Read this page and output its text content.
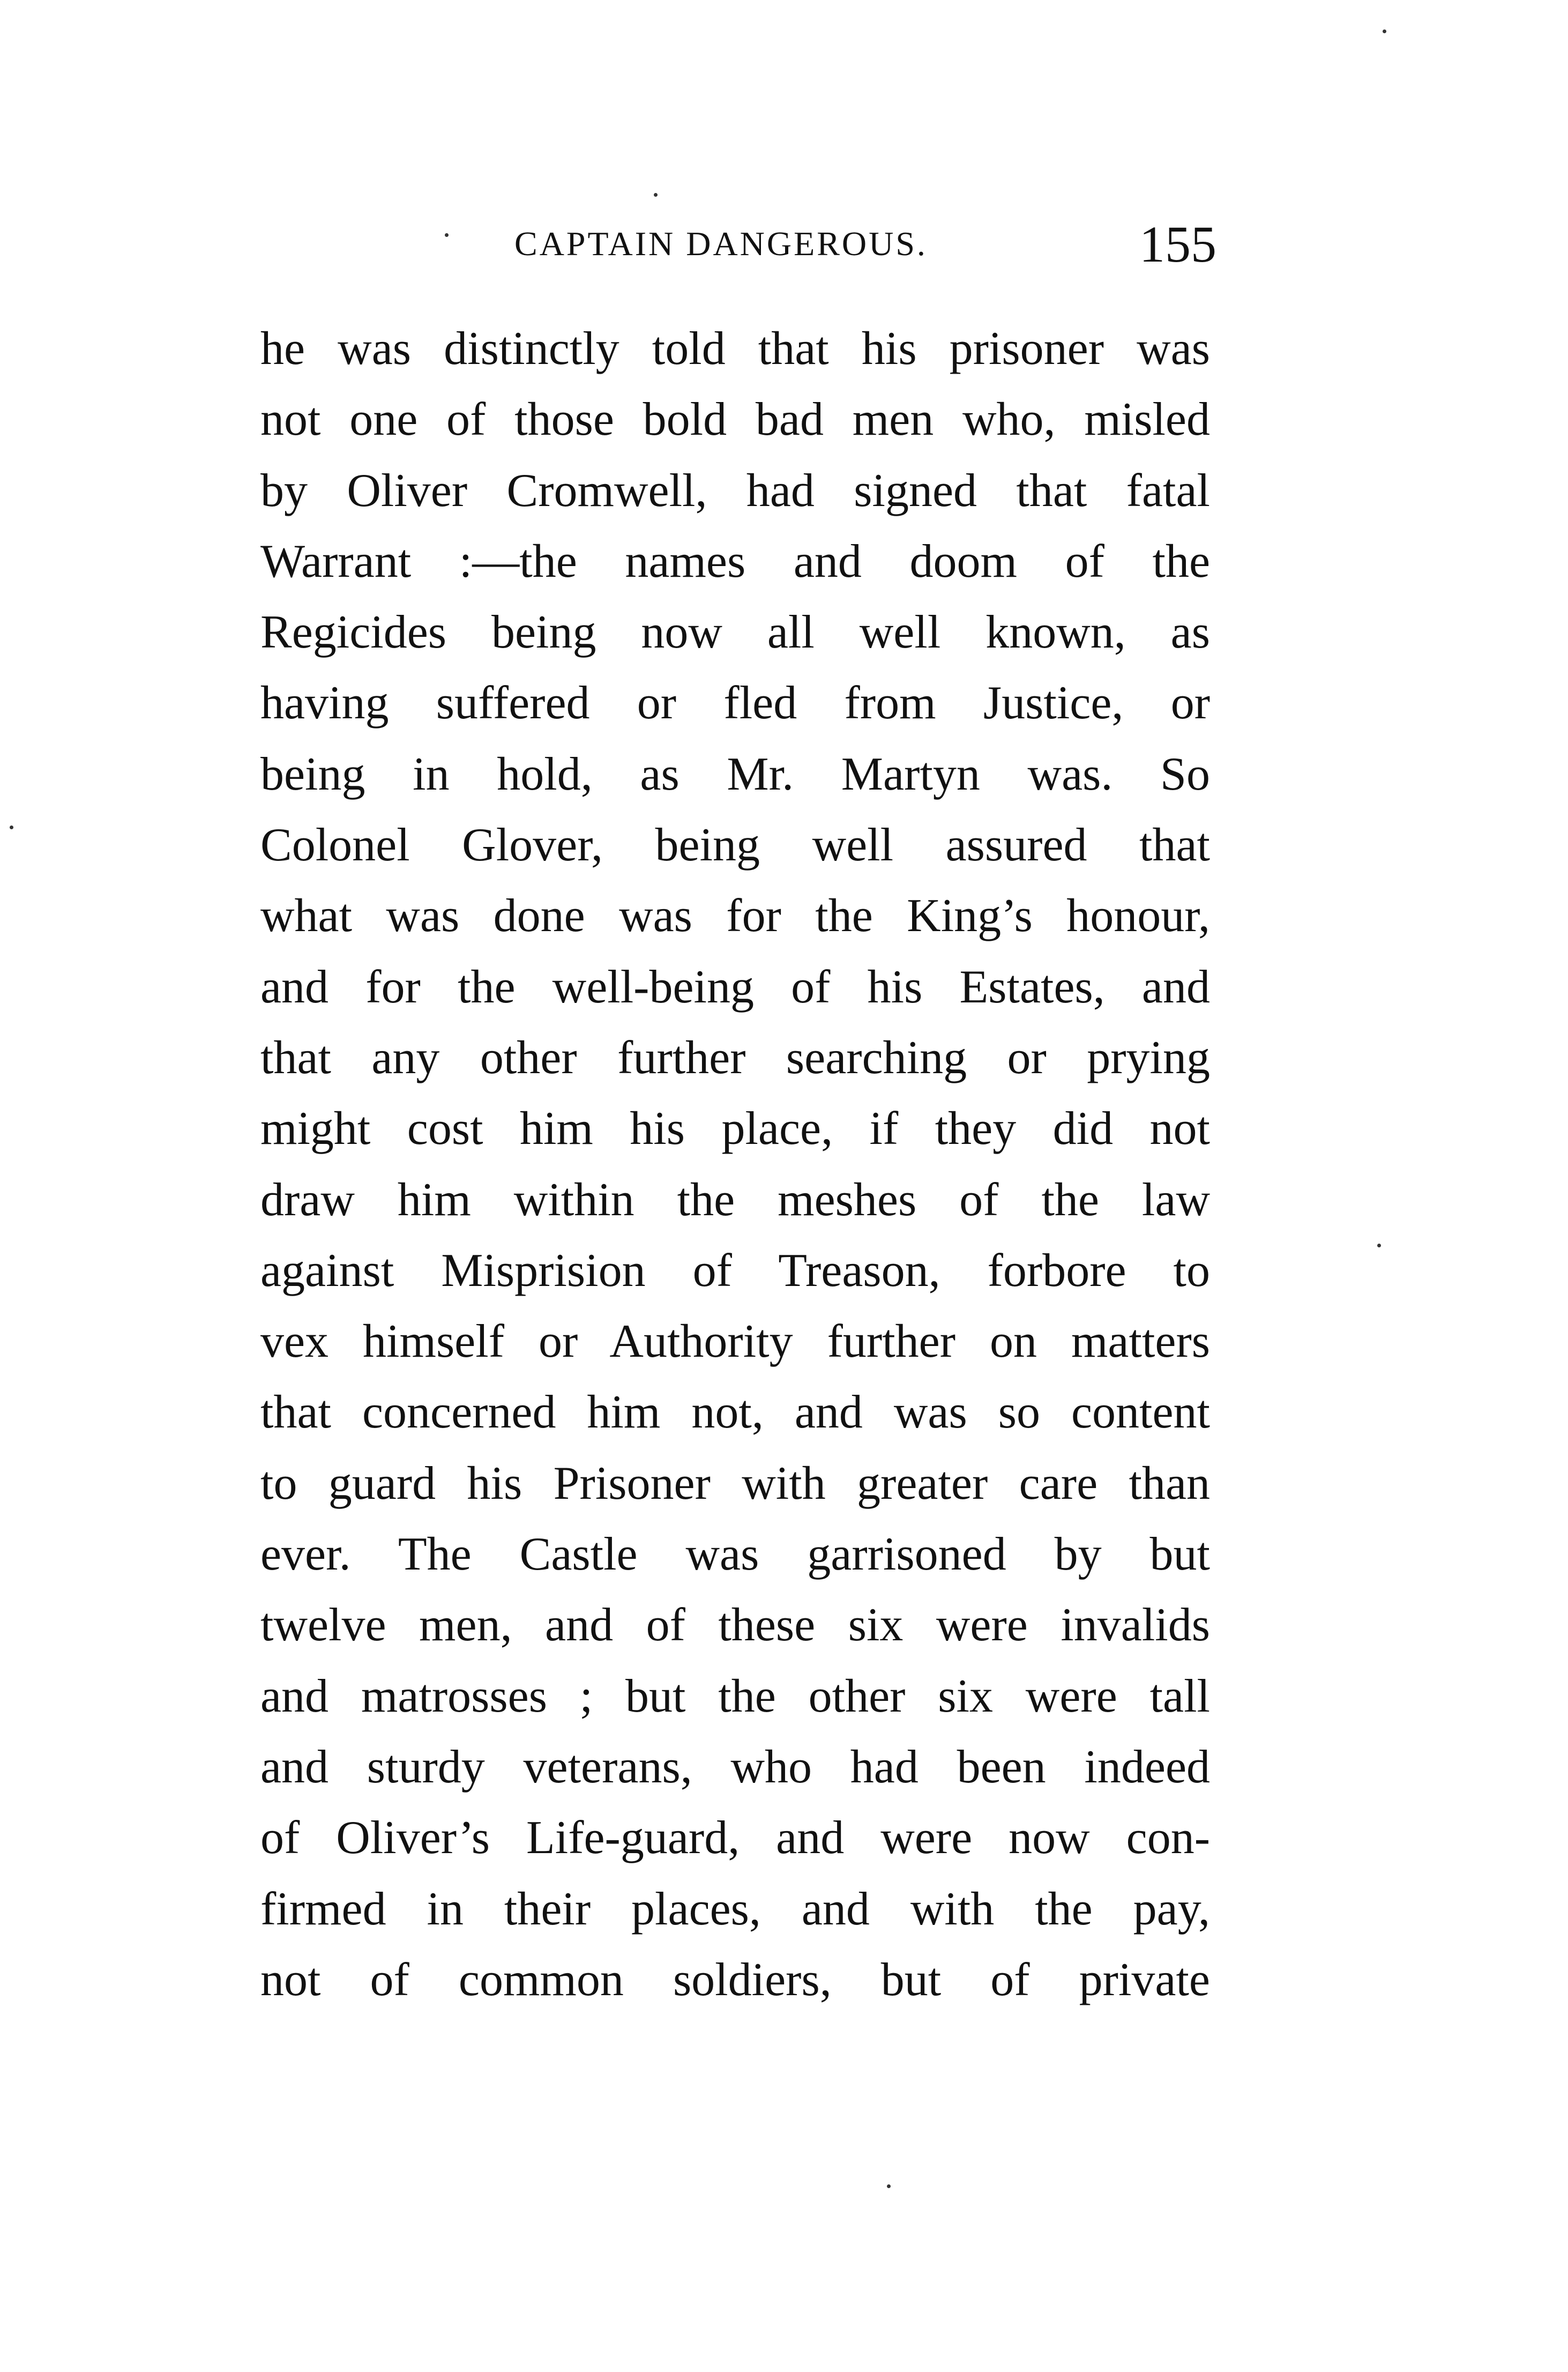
CAPTAIN DANGEROUS.	155
he was distinctly told that his prisoner was
not one of those bold bad men who, misled
by Oliver Cromwell, had signed that fatal
Warrant :—the names and doom of the
Regicides being now all well known, as
having suffered or fled from Justice, or
being in hold, as Mr. Martyn was. So
Colonel Glover, being well assured that
what was done was for the King’s honour,
and for the well-being of his Estates, and
that any other further searching or prying
might cost him his place, if they did not
draw him within the meshes of the law
against Misprision of Treason, forbore to
vex himself or Authority further on matters
that concerned him not, and was so content
to guard his Prisoner with greater care than
ever. The Castle was garrisoned by but
twelve men, and of these six were invalids
and matrosses ; but the other six were tall
and sturdy veterans, who had been indeed
of Oliver’s Life-guard, and were now con-
firmed in their places, and with the pay,
not of common soldiers, but of private
